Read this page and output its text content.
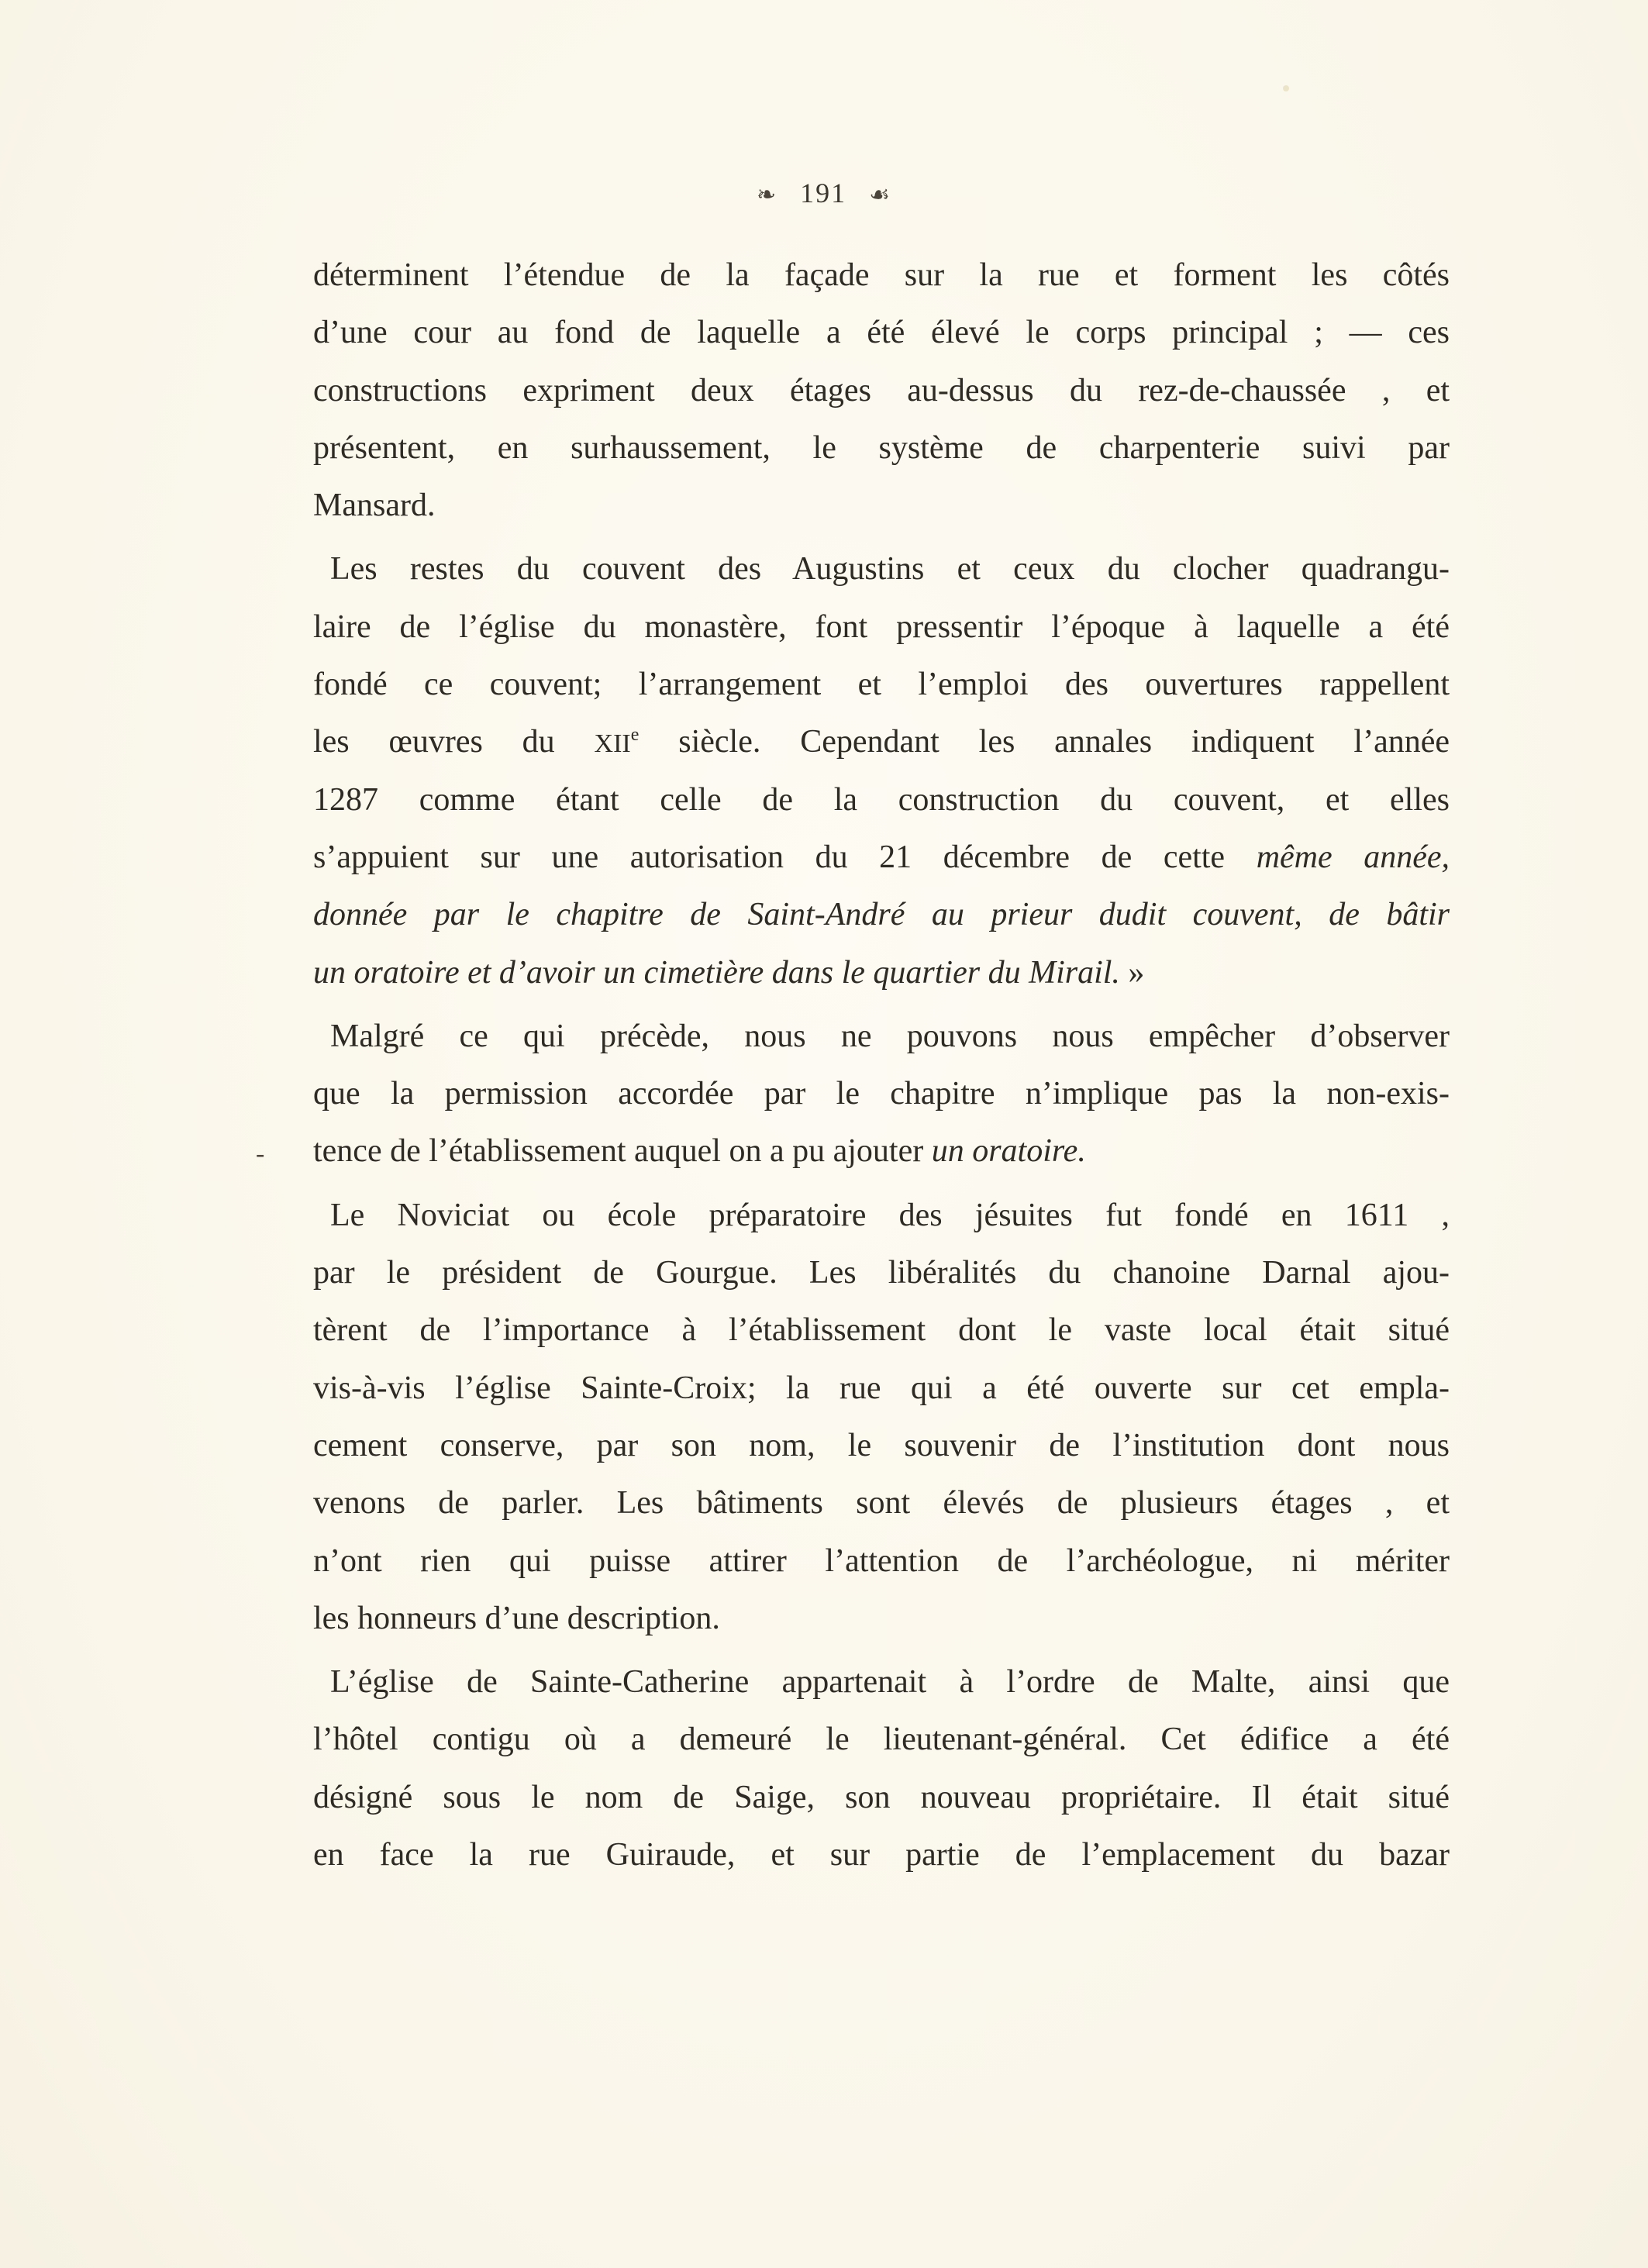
❧ 191 ☙
-
déterminent l’étendue de la façade sur la rue et forment les côtés
d’une cour au fond de laquelle a été élevé le corps principal ; — ces
constructions expriment deux étages au-dessus du rez-de-chaussée , et
présentent, en surhaussement, le système de charpenterie suivi par
Mansard.
Les restes du couvent des Augustins et ceux du clocher quadrangu-
laire de l’église du monastère, font pressentir l’époque à laquelle a été
fondé ce couvent; l’arrangement et l’emploi des ouvertures rappellent
les œuvres du XIIe siècle. Cependant les annales indiquent l’année
1287 comme étant celle de la construction du couvent, et elles
s’appuient sur une autorisation du 21 décembre de cette même année,
donnée par le chapitre de Saint-André au prieur dudit couvent, de bâtir
un oratoire et d’avoir un cimetière dans le quartier du Mirail. »
Malgré ce qui précède, nous ne pouvons nous empêcher d’observer
que la permission accordée par le chapitre n’implique pas la non-exis-
tence de l’établissement auquel on a pu ajouter un oratoire.
Le Noviciat ou école préparatoire des jésuites fut fondé en 1611 ,
par le président de Gourgue. Les libéralités du chanoine Darnal ajou-
tèrent de l’importance à l’établissement dont le vaste local était situé
vis-à-vis l’église Sainte-Croix; la rue qui a été ouverte sur cet empla-
cement conserve, par son nom, le souvenir de l’institution dont nous
venons de parler. Les bâtiments sont élevés de plusieurs étages , et
n’ont rien qui puisse attirer l’attention de l’archéologue, ni mériter
les honneurs d’une description.
L’église de Sainte-Catherine appartenait à l’ordre de Malte, ainsi que
l’hôtel contigu où a demeuré le lieutenant-général. Cet édifice a été
désigné sous le nom de Saige, son nouveau propriétaire. Il était situé
en face la rue Guiraude, et sur partie de l’emplacement du bazar
